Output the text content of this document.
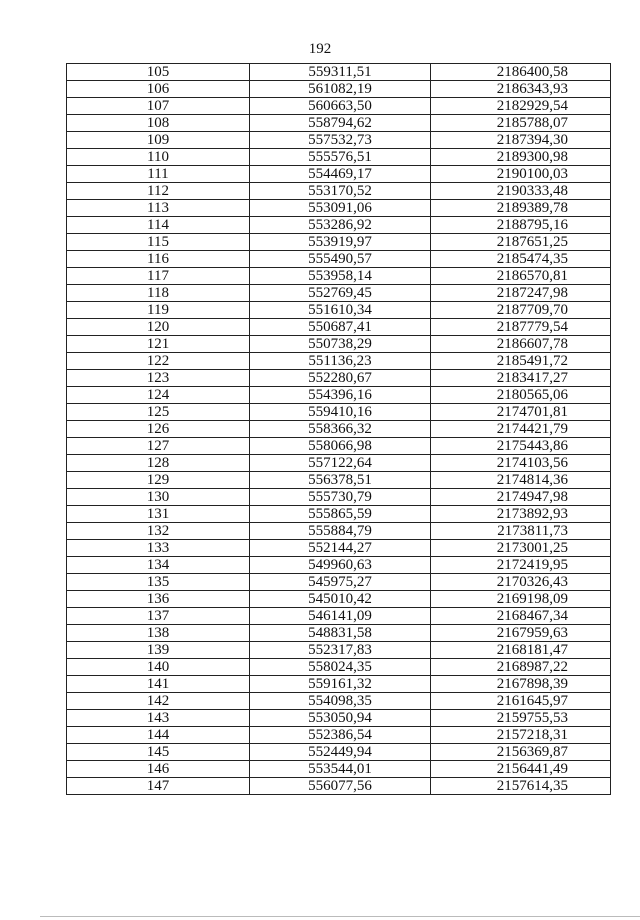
192
105	559311,51	2186400,58
106	561082,19	2186343,93
107	560663,50	2182929,54
108	558794,62	2185788,07
109	557532,73	2187394,30
110	555576,51	2189300,98
111	554469,17	2190100,03
112	553170,52	2190333,48
113	553091,06	2189389,78
114	553286,92	2188795,16
115	553919,97	2187651,25
116	555490,57	2185474,35
117	553958,14	2186570,81
118	552769,45	2187247,98
119	551610,34	2187709,70
120	550687,41	2187779,54
121	550738,29	2186607,78
122	551136,23	2185491,72
123	552280,67	2183417,27
124	554396,16	2180565,06
125	559410,16	2174701,81
126	558366,32	2174421,79
127	558066,98	2175443,86
128	557122,64	2174103,56
129	556378,51	2174814,36
130	555730,79	2174947,98
131	555865,59	2173892,93
132	555884,79	2173811,73
133	552144,27	2173001,25
134	549960,63	2172419,95
135	545975,27	2170326,43
136	545010,42	2169198,09
137	546141,09	2168467,34
138	548831,58	2167959,63
139	552317,83	2168181,47
140	558024,35	2168987,22
141	559161,32	2167898,39
142	554098,35	2161645,97
143	553050,94	2159755,53
144	552386,54	2157218,31
145	552449,94	2156369,87
146	553544,01	2156441,49
147	556077,56	2157614,35
